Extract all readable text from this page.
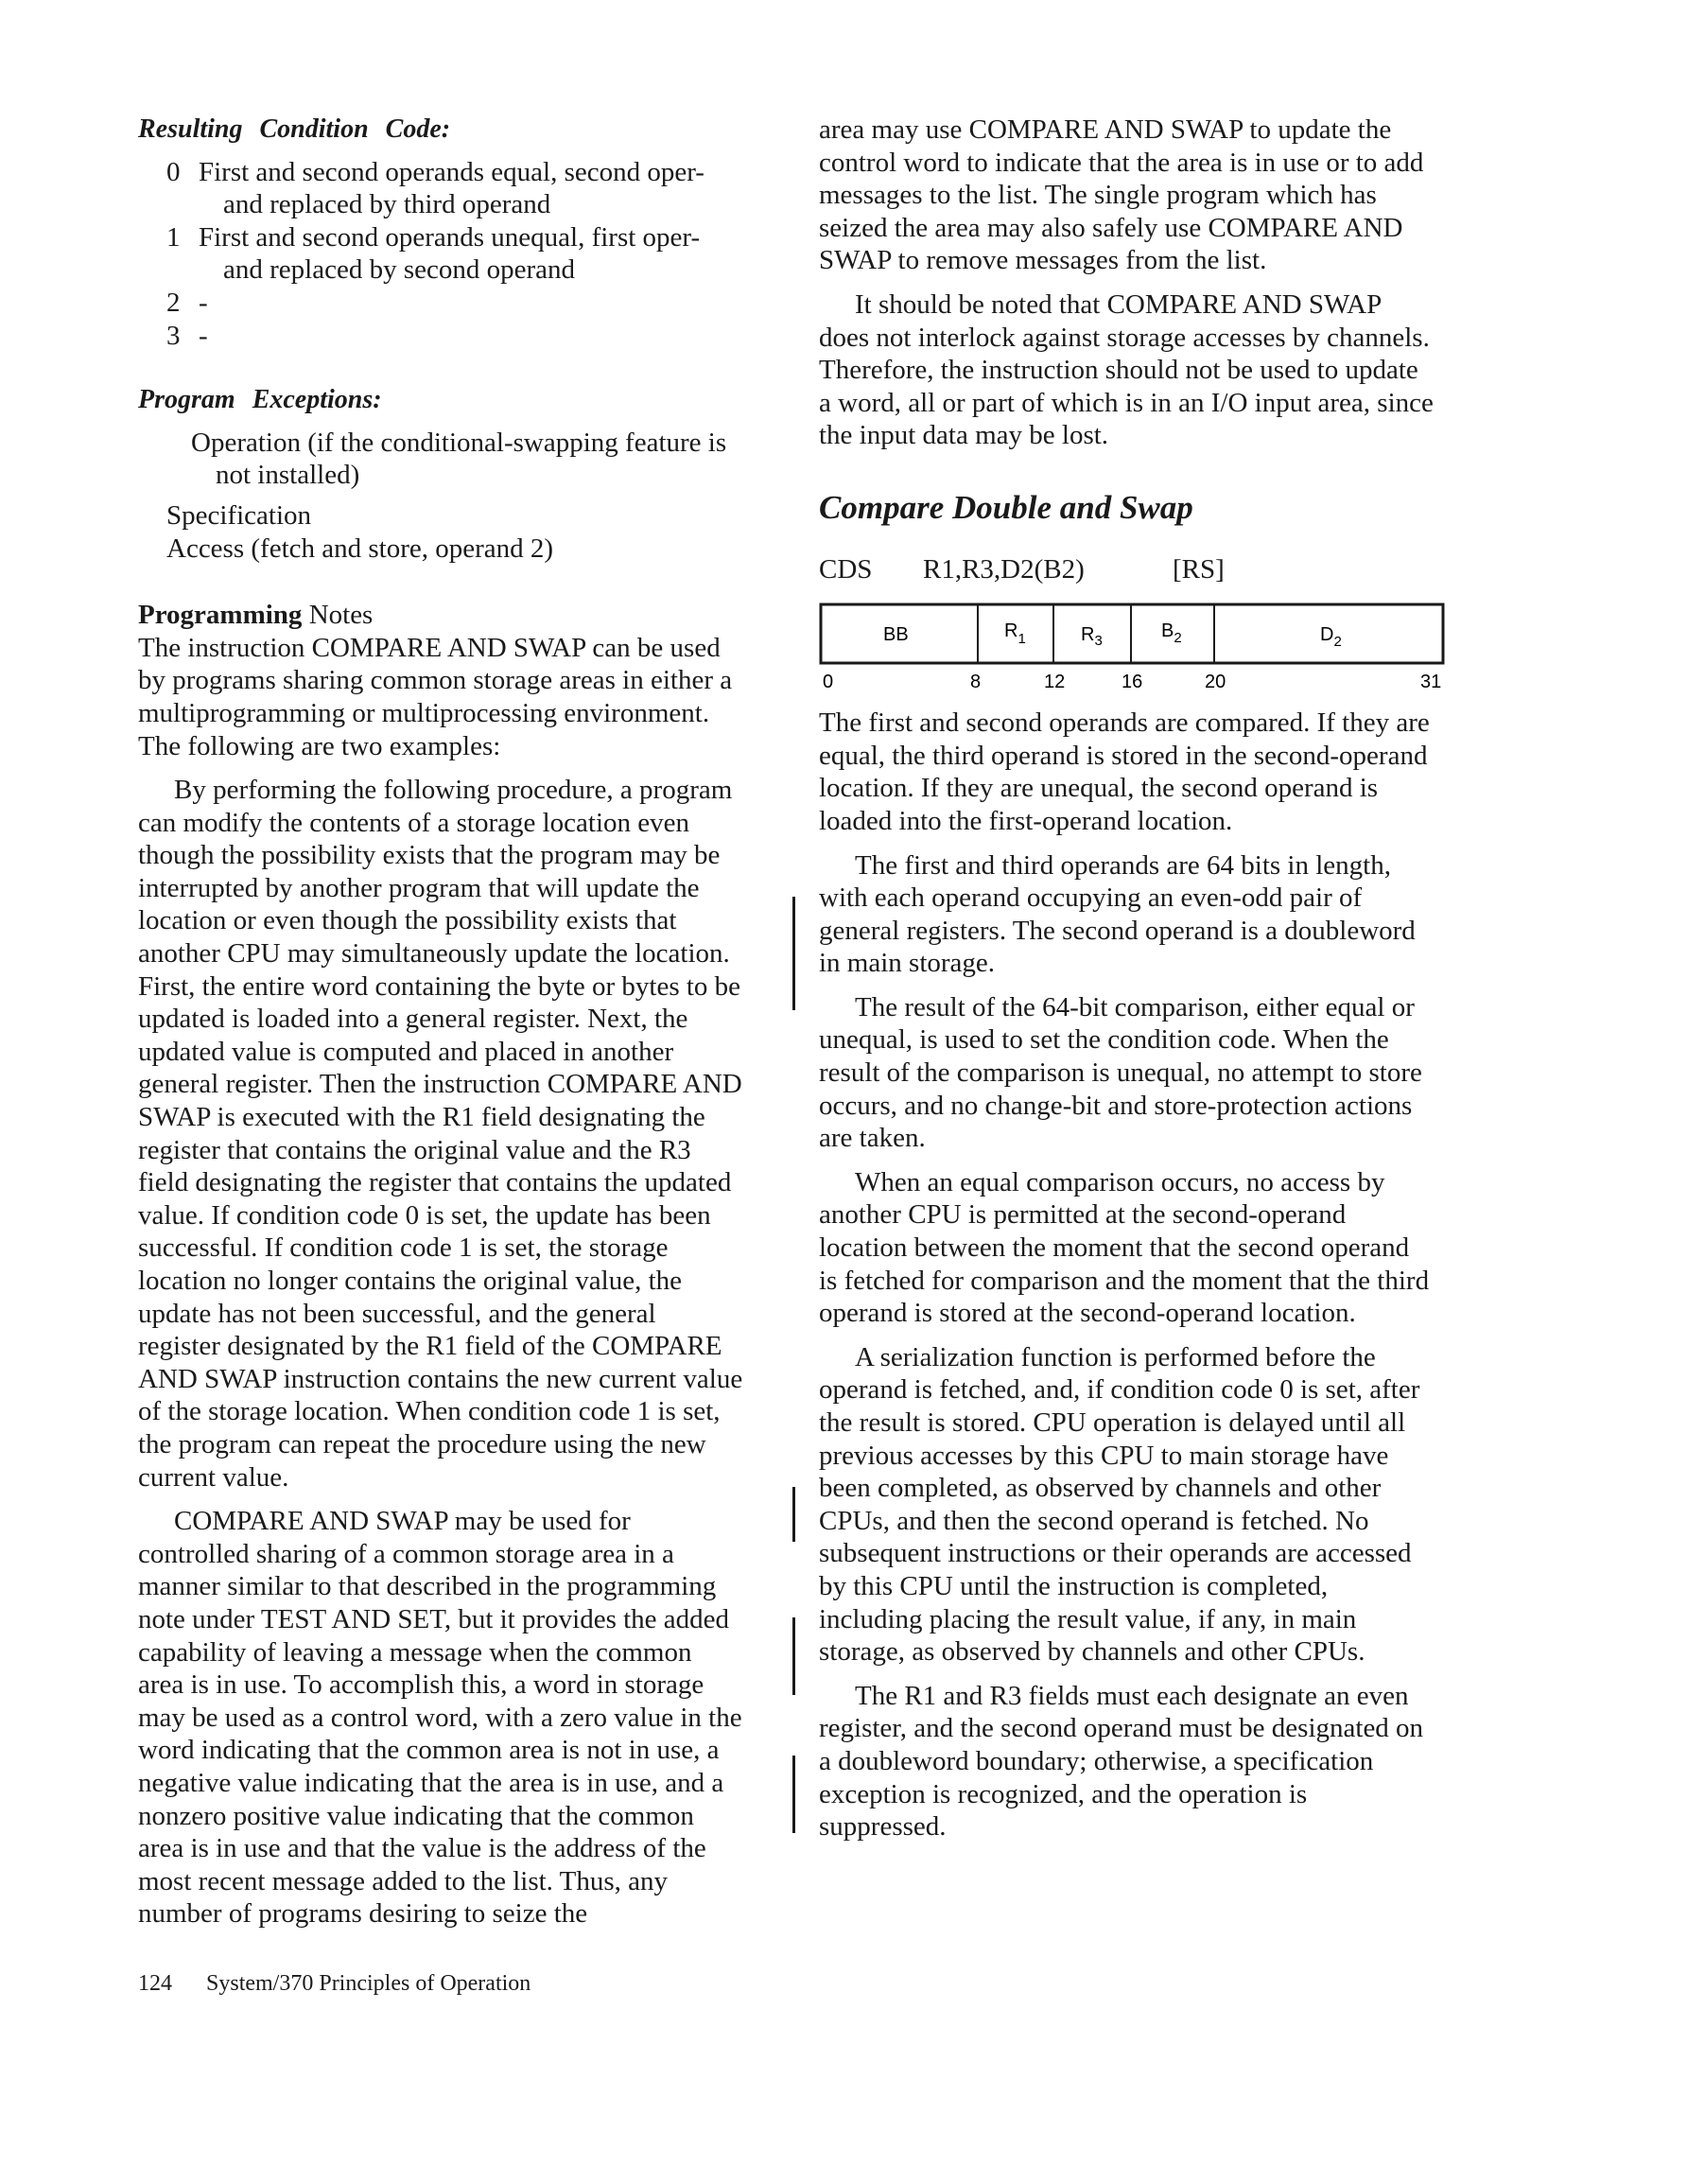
Resulting Condition Code:
0 First and second operands equal, second oper-
and replaced by third operand
1 First and second operands unequal, first oper-
and replaced by second operand
2 -
3 -
Program Exceptions:
Operation (if the conditional-swapping feature is not installed)
Specification
Access (fetch and store, operand 2)
Programming Notes

The instruction COMPARE AND SWAP can be used by programs sharing common storage areas in either a multiprogramming or multiprocessing environment. The following are two examples:

By performing the following procedure, a program can modify the contents of a storage location even though the possibility exists that the program may be interrupted by another program that will update the location or even though the possibility exists that another CPU may simultaneously update the location. First, the entire word containing the byte or bytes to be updated is loaded into a general register. Next, the updated value is computed and placed in another general register. Then the instruction COMPARE AND SWAP is executed with the R1 field designating the register that contains the original value and the R3 field designating the register that contains the updated value. If condition code 0 is set, the update has been successful. If condition code 1 is set, the storage location no longer contains the original value, the update has not been successful, and the general register designated by the R1 field of the COMPARE AND SWAP instruction contains the new current value of the storage location. When condition code 1 is set, the program can repeat the procedure using the new current value.

COMPARE AND SWAP may be used for controlled sharing of a common storage area in a manner similar to that described in the programming note under TEST AND SET, but it provides the added capability of leaving a message when the common area is in use. To accomplish this, a word in storage may be used as a control word, with a zero value in the word indicating that the common area is not in use, a negative value indicating that the area is in use, and a nonzero positive value indicating that the common area is in use and that the value is the address of the most recent message added to the list. Thus, any number of programs desiring to seize the

area may use COMPARE AND SWAP to update the control word to indicate that the area is in use or to add messages to the list. The single program which has seized the area may also safely use COMPARE AND SWAP to remove messages from the list.

It should be noted that COMPARE AND SWAP does not interlock against storage accesses by channels. Therefore, the instruction should not be used to update a word, all or part of which is in an I/O input area, since the input data may be lost.

Compare Double and Swap
CDS	R1,R3,D2(B2)	[RS]
BB	$R_1$	$R_3$	$B_2$	$D_2$
0	8	12	16	20	31

The first and second operands are compared. If they are equal, the third operand is stored in the second-operand location. If they are unequal, the second operand is loaded into the first-operand location.

The first and third operands are 64 bits in length, with each operand occupying an even-odd pair of general registers. The second operand is a doubleword in main storage.

The result of the 64-bit comparison, either equal or unequal, is used to set the condition code. When the result of the comparison is unequal, no attempt to store occurs, and no change-bit and store-protection actions are taken.

When an equal comparison occurs, no access by another CPU is permitted at the second-operand location between the moment that the second operand is fetched for comparison and the moment that the third operand is stored at the second-operand location.

A serialization function is performed before the operand is fetched, and, if condition code 0 is set, after the result is stored. CPU operation is delayed until all previous accesses by this CPU to main storage have been completed, as observed by channels and other CPUs, and then the second operand is fetched. No subsequent instructions or their operands are accessed by this CPU until the instruction is completed, including placing the result value, if any, in main storage, as observed by channels and other CPUs.

The R1 and R3 fields must each designate an even register, and the second operand must be designated on a doubleword boundary; otherwise, a specification exception is recognized, and the operation is suppressed.

124 System/370 Principles of Operation
